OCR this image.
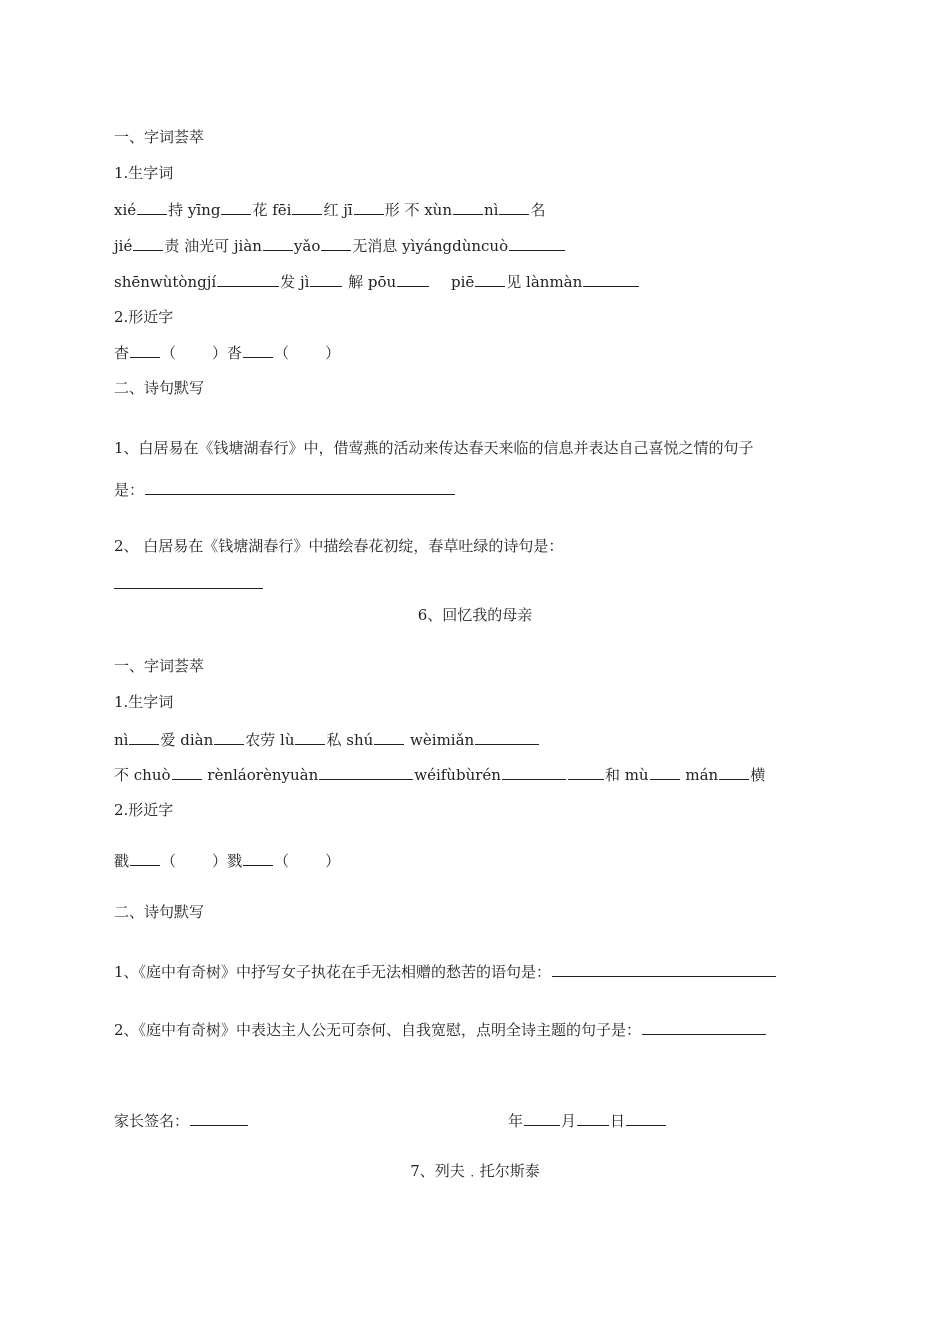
一、字词荟萃
1.生字词
xié 持 yīng 花 fēi 红 jī 形 不 xùn nì 名
jié 责 油光可 jiàn yǎo 无消息 yìyángdùncuò
shēnwùtòngjí	发 jì 解 pōu	piē 见 lànmàn
2.形近字
杳 （ ）沓 （ ）
二、诗句默写
1、白居易在《钱塘湖春行》中，借莺燕的活动来传达春天来临的信息并表达自己喜悦之情的句子
是：
2、 白居易在《钱塘湖春行》中描绘春花初绽，春草吐绿的诗句是：
6、回忆我的母亲
一、字词荟萃
1.生字词
nì 爱 diàn 农劳 lù 私 shú wèimiǎn
不 chuò rènláorènyuàn	wéifùbùrén	和 mù mán 横
2.形近字
戳 （ ）戮 （ ）
二、诗句默写
1、《庭中有奇树》中抒写女子执花在手无法相赠的愁苦的语句是：
2、《庭中有奇树》中表达主人公无可奈何、自我宽慰，点明全诗主题的句子是：
家长签名：	年	月 日
7、列夫﹒托尔斯泰
